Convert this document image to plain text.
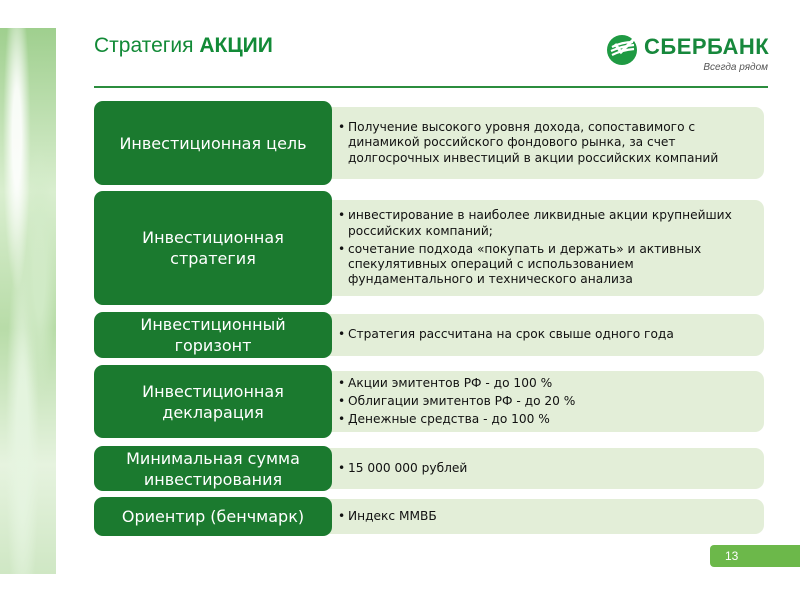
Стратегия АКЦИИ	СБЕРБАНК
Всегда рядом
Инвестиционная цель
• Получение высокого уровня дохода, сопоставимого с динамикой российского фондового рынка, за счет долгосрочных инвестиций в акции российских компаний
Инвестиционная стратегия
• инвестирование в наиболее ликвидные акции крупнейших российских компаний;
• сочетание подхода «покупать и держать» и активных спекулятивных операций с использованием фундаментального и технического анализа
Инвестиционный горизонт
• Стратегия рассчитана на срок свыше одного года
Инвестиционная декларация
• Акции эмитентов РФ - до 100 %
• Облигации эмитентов РФ - до 20 %
• Денежные средства - до 100 %
Минимальная сумма инвестирования
• 15 000 000 рублей
Ориентир (бенчмарк)
•	Индекс ММВБ
13
